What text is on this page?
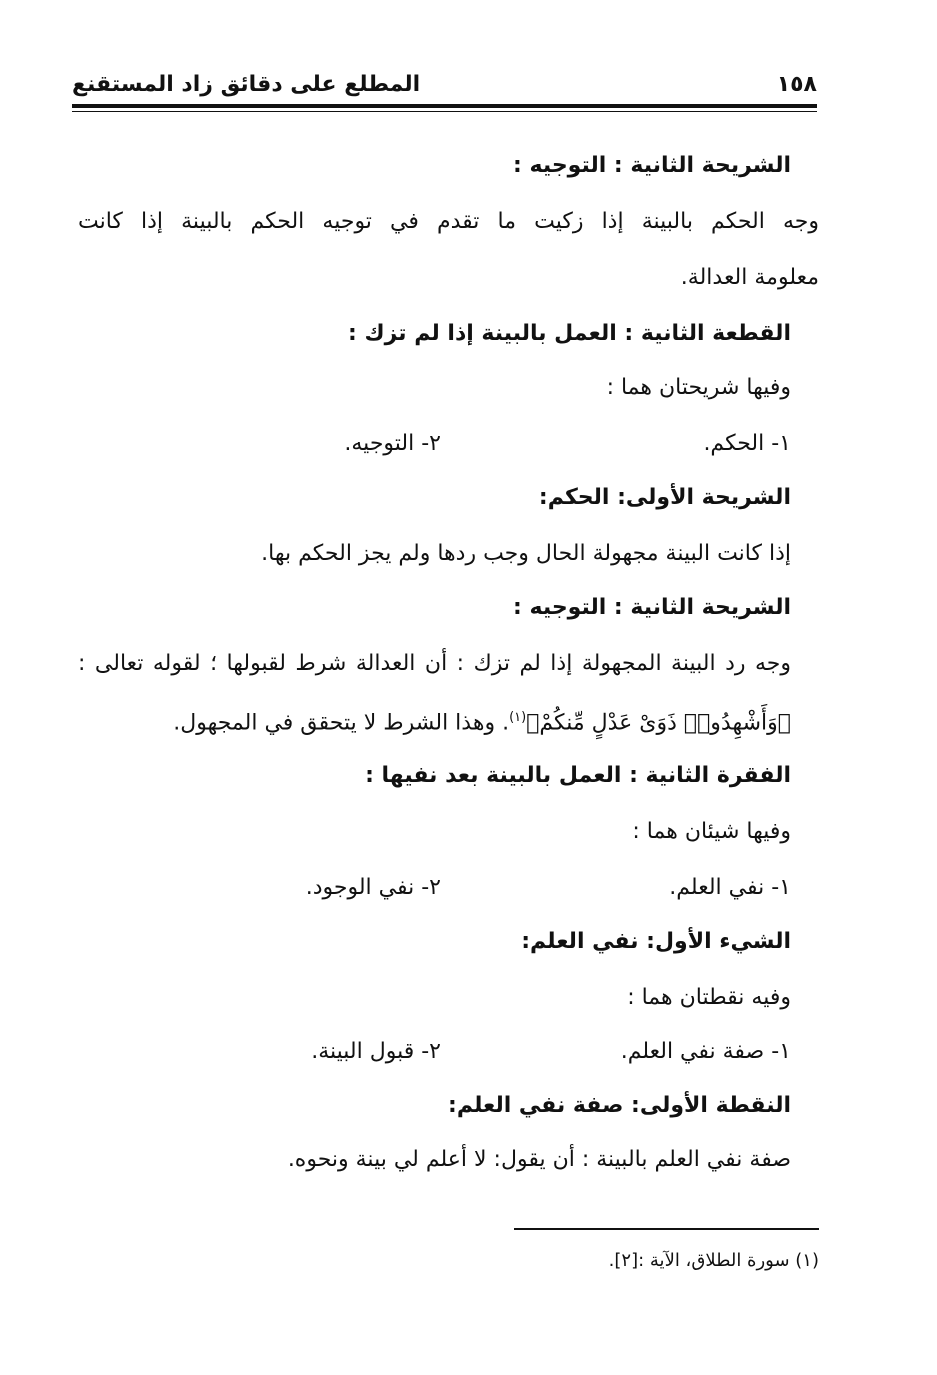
١٥٨
المطلع على دقائق زاد المستقنع
الشريحة الثانية : التوجيه :
وجه الحكم بالبينة إذا زكيت ما تقدم في توجيه الحكم بالبينة إذا كانت
معلومة العدالة.
القطعة الثانية : العمل بالبينة إذا لم تزك :
وفيها شريحتان هما :
١- الحكم.
٢- التوجيه.
الشريحة الأولى: الحكم:
إذا كانت البينة مجهولة الحال وجب ردها ولم يجز الحكم بها.
الشريحة الثانية : التوجيه :
وجه رد البينة المجهولة إذا لم تزك : أن العدالة شرط لقبولها ؛ لقوله تعالى :
﴿وَأَشْهِدُوا۟ ذَوَىْ عَدْلٍ مِّنكُمْ﴾$^{(١)}$. وهذا الشرط لا يتحقق في المجهول.
الفقرة الثانية : العمل بالبينة بعد نفيها :
وفيها شيئان هما :
١- نفي العلم.
٢- نفي الوجود.
الشيء الأول: نفي العلم:
وفيه نقطتان هما :
١- صفة نفي العلم.
٢- قبول البينة.
النقطة الأولى: صفة نفي العلم:
صفة نفي العلم بالبينة : أن يقول: لا أعلم لي بينة ونحوه.
(١) سورة الطلاق، الآية :[٢].
